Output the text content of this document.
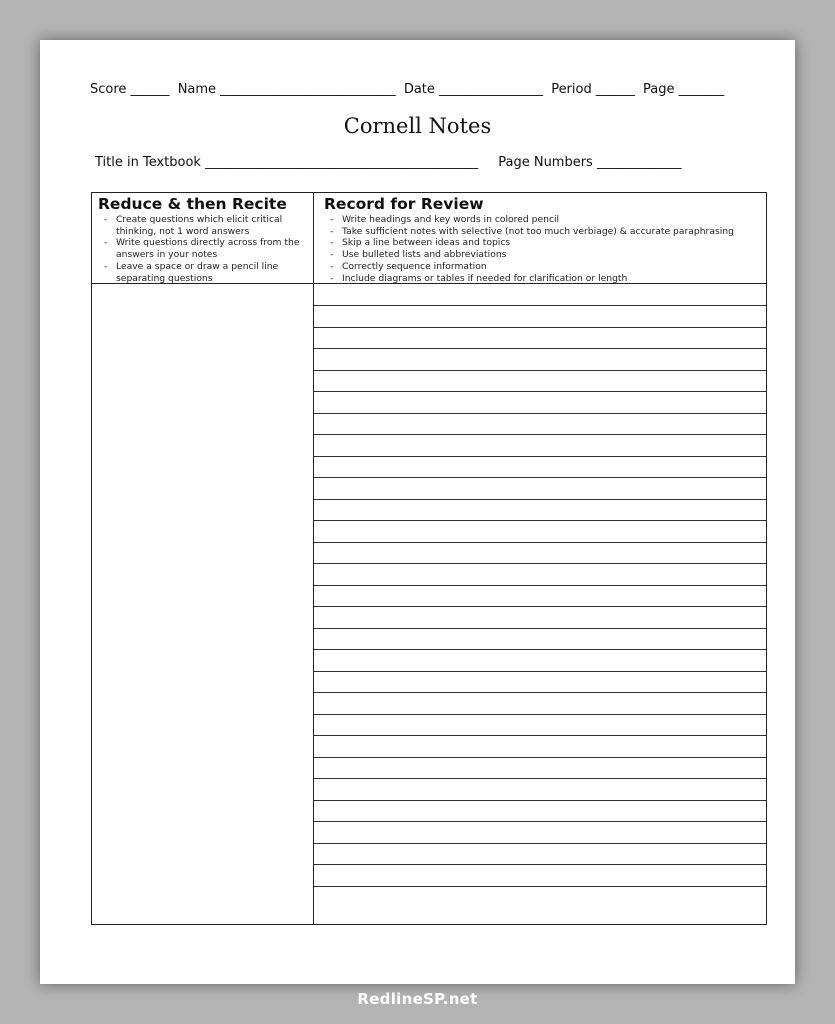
Score ______ Name ___________________________ Date ________________ Period ______ Page _______
Cornell Notes
Title in Textbook __________________________________________ Page Numbers _____________
Reduce & then Recite
- Create questions which elicit critical thinking, not 1 word answers
- Write questions directly across from the answers in your notes
- Leave a space or draw a pencil line separating questions
Record for Review
- Write headings and key words in colored pencil
- Take sufficient notes with selective (not too much verbiage) & accurate paraphrasing
- Skip a line between ideas and topics
- Use bulleted lists and abbreviations
- Correctly sequence information
- Include diagrams or tables if needed for clarification or length
RedlineSP.net
